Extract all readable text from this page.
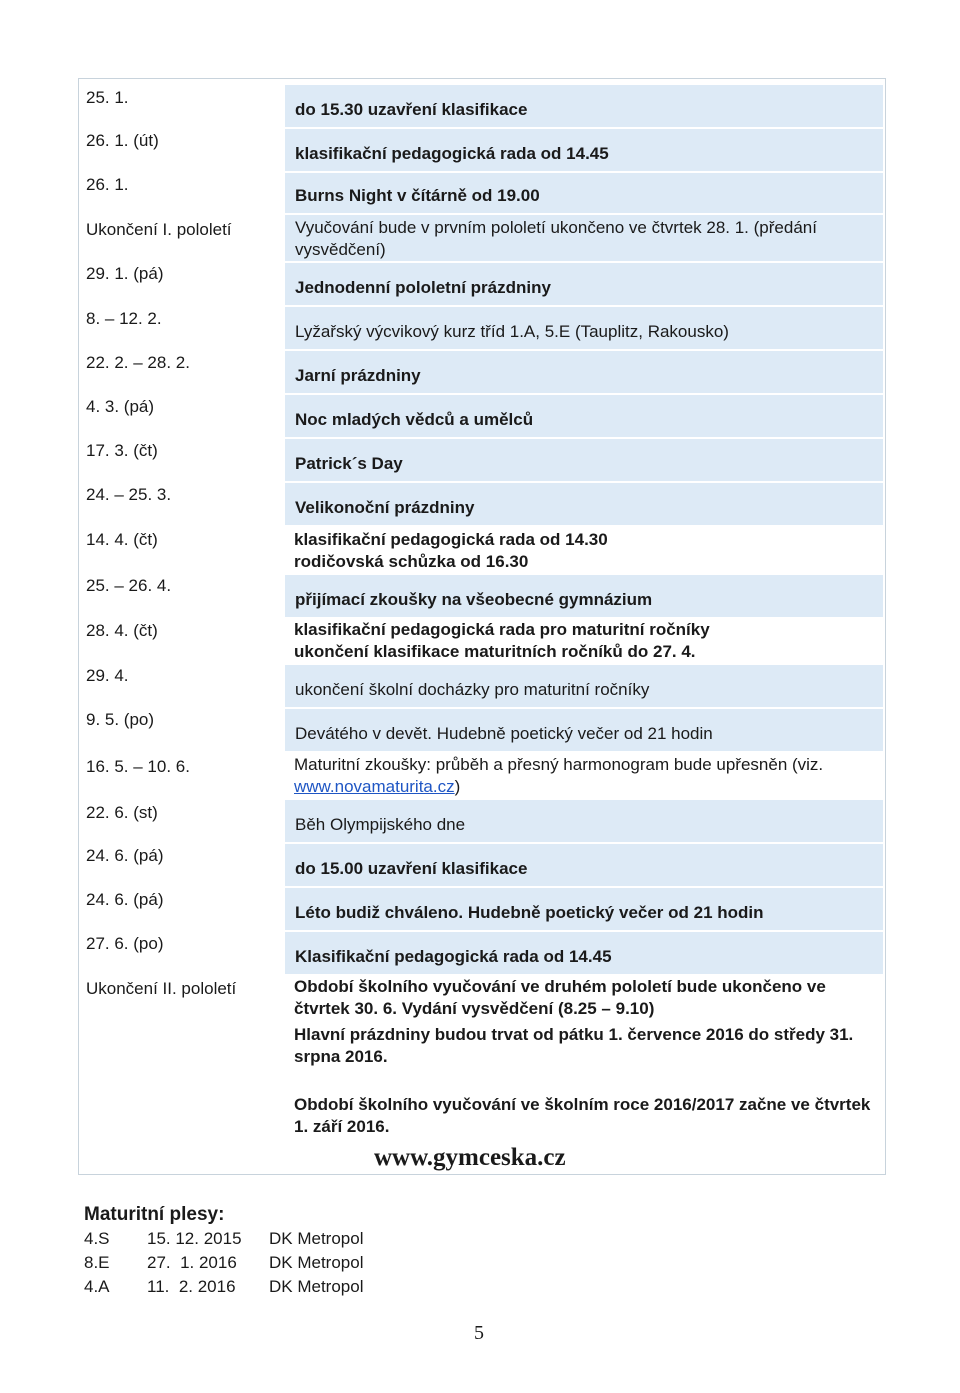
25. 1.
26. 1. (út)
26. 1.
Ukončení I. pololetí
29. 1. (pá)
8. – 12. 2.
22. 2. – 28. 2.
4. 3. (pá)
17. 3. (čt)
24. – 25. 3.
14. 4. (čt)
25. – 26. 4.
28. 4. (čt)
29. 4.
9. 5. (po)
16. 5. – 10. 6.
22. 6. (st)
24. 6. (pá)
24. 6. (pá)
27. 6. (po)
Ukončení II. pololetí
do 15.30 uzavření klasifikace
klasifikační pedagogická rada od 14.45
Burns Night v čítárně od 19.00
Vyučování bude v prvním pololetí ukončeno ve čtvrtek 28. 1. (předání
vysvědčení)
Jednodenní pololetní prázdniny
Lyžařský výcvikový kurz tříd 1.A, 5.E (Tauplitz, Rakousko)
Jarní prázdniny
Noc mladých vědců a umělců
Patrick´s Day
Velikonoční prázdniny
klasifikační pedagogická rada od 14.30
rodičovská schůzka od 16.30
přijímací zkoušky na všeobecné gymnázium
klasifikační pedagogická rada pro maturitní ročníky
ukončení klasifikace maturitních ročníků do 27. 4.
ukončení školní docházky pro maturitní ročníky
Devátého v devět. Hudebně poetický večer od 21 hodin
Maturitní zkoušky: průběh a přesný harmonogram bude upřesněn (viz.
www.novamaturita.cz)
Běh Olympijského dne
do 15.00 uzavření klasifikace
Léto budiž chváleno. Hudebně poetický večer od 21 hodin
Klasifikační pedagogická rada od 14.45
Období školního vyučování ve druhém pololetí bude ukončeno ve
čtvrtek 30. 6. Vydání vysvědčení (8.25 – 9.10)
Hlavní prázdniny budou trvat od pátku 1. července 2016 do středy 31.
srpna 2016.
Období školního vyučování ve školním roce 2016/2017 začne ve čtvrtek
1. září 2016.
www.gymceska.cz
Maturitní plesy:
4.S 15. 12. 2015 DK Metropol
8.E 27.  1. 2016 DK Metropol
4.A 11.  2. 2016 DK Metropol
5
